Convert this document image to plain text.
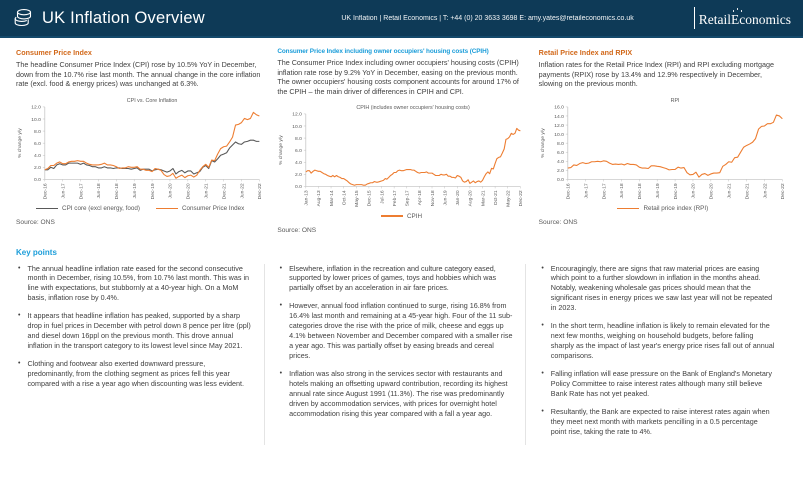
UK Inflation Overview	UK Inflation | Retail Economics | T: +44 (0) 20 3633 3698 E: amy.yates@retaileconomics.co.uk	RetailEconomics
Consumer Price Index

The headline Consumer Price Index (CPI) rose by 10.5% YoY in December, down from the 10.7% rise last month. The annual change in the core inflation rate (excl. food & energy prices) was unchanged at 6.3%.

CPI vs. Core Inflation
0.0
2.0
4.0
6.0
8.0
10.0
12.0
Dec-16	Jun-17	Dec-17	Jun-18	Dec-18	Jun-19	Dec-19	Jun-20	Dec-20	Jun-21	Dec-21	Jun-22	Dec-22
% change y/y
CPI core (excl energy, food)	Consumer Price Index
Source: ONS
Consumer Price Index including owner occupiers' housing costs (CPIH)

The Consumer Price Index including owner occupiers' housing costs (CPIH) inflation rate rose by 9.2% YoY in December, easing on the previous month. The owner occupiers' housing costs component accounts for around 17% of the CPIH – the main driver of differences in CPIH and CPI.

CPIH (includes owner occupiers' housing costs)
0.0
2.0
4.0
6.0
8.0
10.0
12.0
Jan-13 Aug-13 Mar-14 Oct-14 May-15 Dec-15 Jul-16 Feb-17 Sep-17 Apr-18 Nov-18 Jun-19 Jan-20 Aug-20 Mar-21 Oct-21 May-22 Dec-22
% change y/y
CPIH
Source: ONS
Retail Price Index and RPIX

Inflation rates for the Retail Price Index (RPI) and RPI excluding mortgage payments (RPIX) rose by 13.4% and 12.9% respectively in December, slowing on the previous month.

RPI
0.0
2.0
4.0
6.0
8.0
10.0
12.0
14.0
16.0
Dec-16	Jun-17	Dec-17	Jun-18	Dec-18	Jun-19	Dec-19	Jun-20	Dec-20	Jun-21	Dec-21	Jun-22	Dec-22
% change y/y
Retail price index (RPI)
Source: ONS
Key points
• The annual headline inflation rate eased for the second consecutive month in December, rising 10.5%, from 10.7% last month. This was in line with expectations, but stubbornly at a 40-year high. On a MoM basis, inflation rose by 0.4%.

• It appears that headline inflation has peaked, supported by a sharp drop in fuel prices in December with petrol down 8 pence per litre (ppl) and diesel down 16ppl on the previous month. This drove annual inflation in the transport category to its lowest level since May 2021.

• Clothing and footwear also exerted downward pressure, predominantly, from the clothing segment as prices fell this year compared with a rise a year ago when discounting was less evident.

• Elsewhere, inflation in the recreation and culture category eased, supported by lower prices of games, toys and hobbies which was partially offset by an acceleration in air fare prices.

• However, annual food inflation continued to surge, rising 16.8% from 16.4% last month and remaining at a 45-year high. Four of the 11 sub-categories drove the rise with the price of milk, cheese and eggs up 4.1% between November and December compared with a smaller rise a year ago. This was partially offset by easing breads and cereal prices.

• Inflation was also strong in the services sector with restaurants and hotels making an offsetting upward contribution, recording its highest annual rate since August 1991 (11.3%). The rise was predominantly driven by accommodation services, with prices for overnight hotel accommodation rising this year compared with a fall a year ago.

• Encouragingly, there are signs that raw material prices are easing which point to a further slowdown in inflation in the months ahead. Notably, weakening wholesale gas prices should mean that the significant rises in energy prices we saw last year will not be repeated in 2023.

• In the short term, headline inflation is likely to remain elevated for the next few months, weighing on household budgets, before falling sharply as the impact of last year's energy price rises fall out of annual comparisons.

• Falling inflation will ease pressure on the Bank of England's Monetary Policy Committee to raise interest rates although many still believe Bank Rate has not yet peaked.

• Resultantly, the Bank are expected to raise interest rates again when they meet next month with markets pencilling in a 0.5 percentage point rise, taking the rate to 4%.
